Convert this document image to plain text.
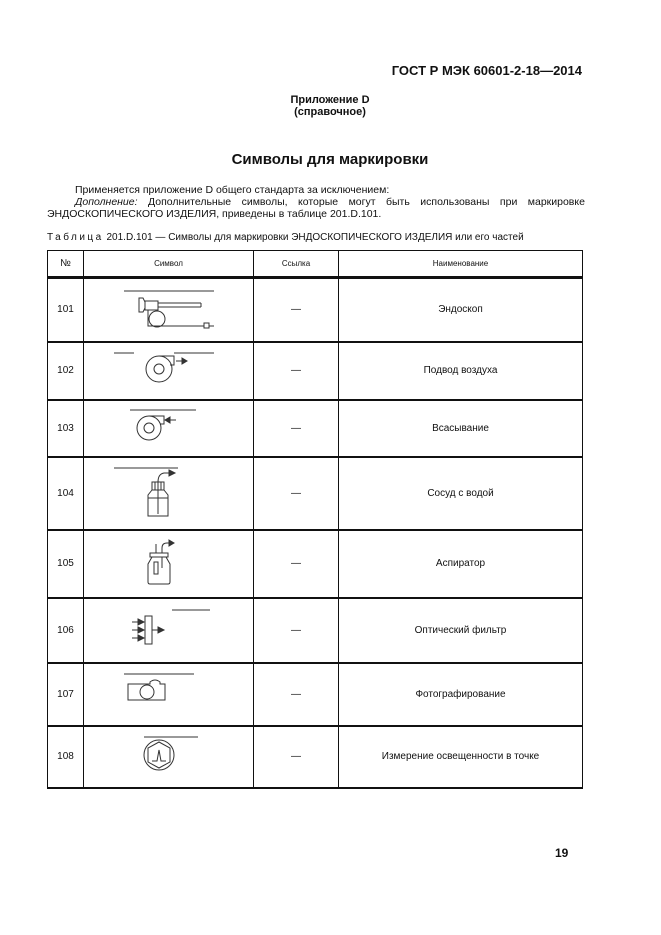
ГОСТ Р МЭК 60601-2-18—2014
Приложение D
(справочное)
Символы для маркировки
Применяется приложение D общего стандарта за исключением:
Дополнение: Дополнительные символы, которые могут быть использованы при маркировке
ЭНДОСКОПИЧЕСКОГО ИЗДЕЛИЯ, приведены в таблице 201.D.101.
Таблица 201.D.101 — Символы для маркировки ЭНДОСКОПИЧЕСКОГО ИЗДЕЛИЯ или его частей
№	Символ	Ссылка	Наименование
101		—	Эндоскоп
102		—	Подвод воздуха
103		—	Всасывание
104		—	Сосуд с водой
105		—	Аспиратор
106		—	Оптический фильтр
107		—	Фотографирование
108		—	Измерение освещенности в точке
19
